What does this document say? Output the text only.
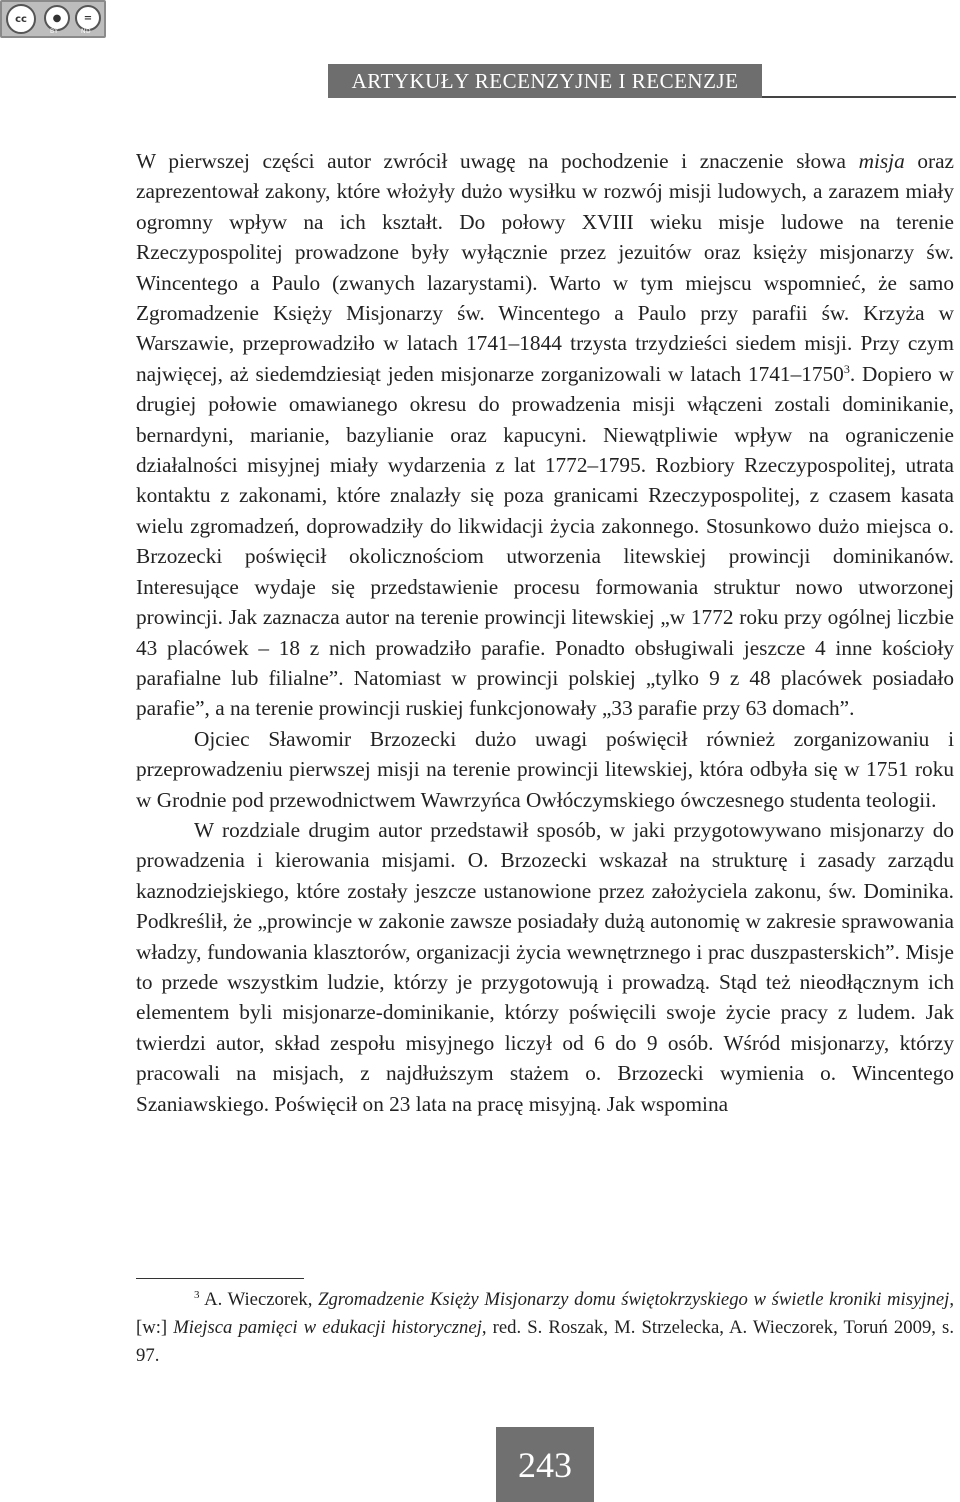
cc	●	=
BY	ND
ARTYKUŁY RECENZYJNE I RECENZJE

W pierwszej części autor zwrócił uwagę na pochodzenie i znaczenie słowa misja oraz zaprezentował zakony, które włożyły dużo wysiłku w rozwój misji ludowych, a zarazem miały ogromny wpływ na ich kształt. Do połowy XVIII wieku misje ludowe na terenie Rzeczypospolitej prowadzone były wyłącznie przez jezuitów oraz księży misjonarzy św. Wincentego a Paulo (zwanych lazarystami). Warto w tym miejscu wspomnieć, że samo Zgromadzenie Księży Misjonarzy św. Wincentego a Paulo przy parafii św. Krzyża w Warszawie, przeprowadziło w latach 1741–1844 trzysta trzydzieści siedem misji. Przy czym najwięcej, aż siedemdziesiąt jeden misjonarze zorganizowali w latach 1741–1750$^3$. Dopiero w drugiej połowie omawianego okresu do prowadzenia misji włączeni zostali dominikanie, bernardyni, marianie, bazylianie oraz kapucyni. Niewątpliwie wpływ na ograniczenie działalności misyjnej miały wydarzenia z lat 1772–1795. Rozbiory Rzeczypospolitej, utrata kontaktu z zakonami, które znalazły się poza granicami Rzeczypospolitej, z czasem kasata wielu zgromadzeń, doprowadziły do likwidacji życia zakonnego. Stosunkowo dużo miejsca o. Brzozecki poświęcił okolicznościom utworzenia litewskiej prowincji dominikanów. Interesujące wydaje się przedstawienie procesu formowania struktur nowo utworzonej prowincji. Jak zaznacza autor na terenie prowincji litewskiej „w 1772 roku przy ogólnej liczbie 43 placówek – 18 z nich prowadziło parafie. Ponadto obsługiwali jeszcze 4 inne kościoły parafialne lub filialne”. Natomiast w prowincji polskiej „tylko 9 z 48 placówek posiadało parafie”, a na terenie prowincji ruskiej funkcjonowały „33 parafie przy 63 domach”.

Ojciec Sławomir Brzozecki dużo uwagi poświęcił również zorganizowaniu i przeprowadzeniu pierwszej misji na terenie prowincji litewskiej, która odbyła się w 1751 roku w Grodnie pod przewodnictwem Wawrzyńca Owłóczymskiego ówczesnego studenta teologii.

W rozdziale drugim autor przedstawił sposób, w jaki przygotowywano misjonarzy do prowadzenia i kierowania misjami. O. Brzozecki wskazał na strukturę i zasady zarządu kaznodziejskiego, które zostały jeszcze ustanowione przez założyciela zakonu, św. Dominika. Podkreślił, że „prowincje w zakonie zawsze posiadały dużą autonomię w zakresie sprawowania władzy, fundowania klasztorów, organizacji życia wewnętrznego i prac duszpasterskich”. Misje to przede wszystkim ludzie, którzy je przygotowują i prowadzą. Stąd też nieodłącznym ich elementem byli misjonarze-dominikanie, którzy poświęcili swoje życie pracy z ludem. Jak twierdzi autor, skład zespołu misyjnego liczył od 6 do 9 osób. Wśród misjonarzy, którzy pracowali na misjach, z najdłuższym stażem o. Brzozecki wymienia o. Wincentego Szaniawskiego. Poświęcił on 23 lata na pracę misyjną. Jak wspomina

$^3$ A. Wieczorek, Zgromadzenie Księży Misjonarzy domu świętokrzyskiego w świetle kroniki misyjnej, [w:] Miejsca pamięci w edukacji historycznej, red. S. Roszak, M. Strzelecka, A. Wieczorek, Toruń 2009, s. 97.
243
